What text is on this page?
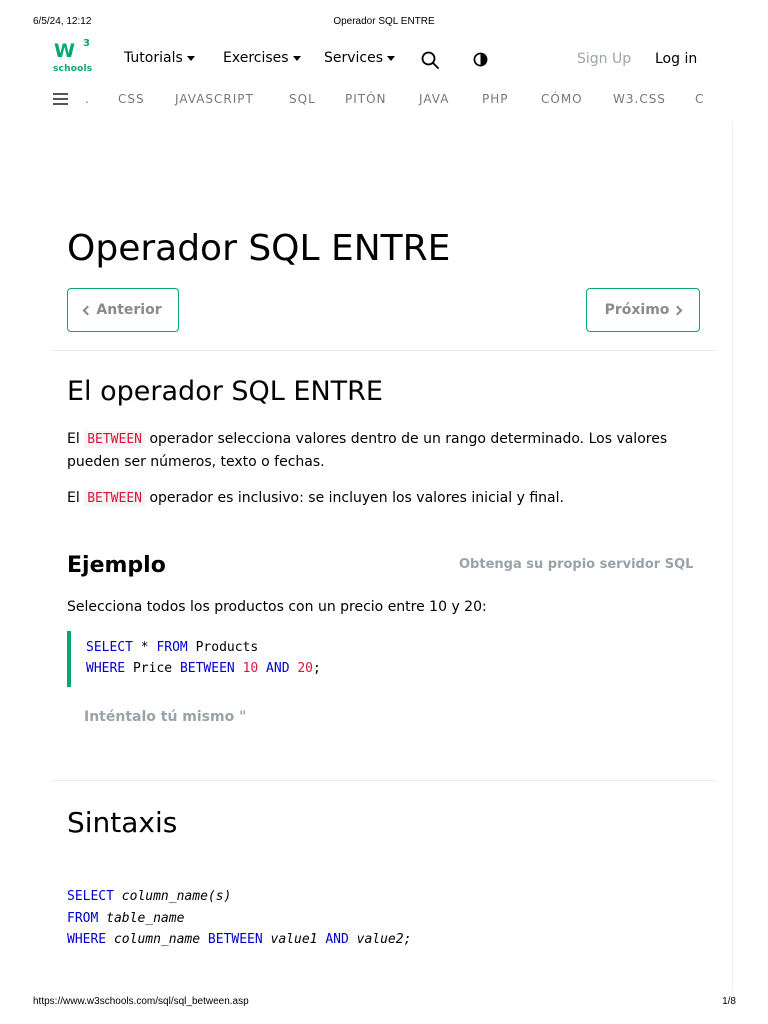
6/5/24, 12:12	Operador SQL ENTRE
W 3
schools
Tutorials	Exercises	Services	Sign Up Log in
. CSS	JAVASCRIPT	SQL PITÓN	JAVA	PHP	CÓMO	W3.CSS C
Operador SQL ENTRE
Anterior	Próximo
El operador SQL ENTRE

El BETWEEN operador selecciona valores dentro de un rango determinado. Los valores pueden ser números, texto o fechas.

El BETWEEN operador es inclusivo: se incluyen los valores inicial y final.

Ejemplo	Obtenga su propio servidor SQL

Selecciona todos los productos con un precio entre 10 y 20:

SELECT * FROM Products
WHERE Price BETWEEN 10 AND 20;
Inténtalo tú mismo "
Sintaxis
SELECT column_name(s)
FROM table_name
WHERE column_name BETWEEN value1 AND value2;
https://www.w3schools.com/sql/sql_between.asp	1/8
